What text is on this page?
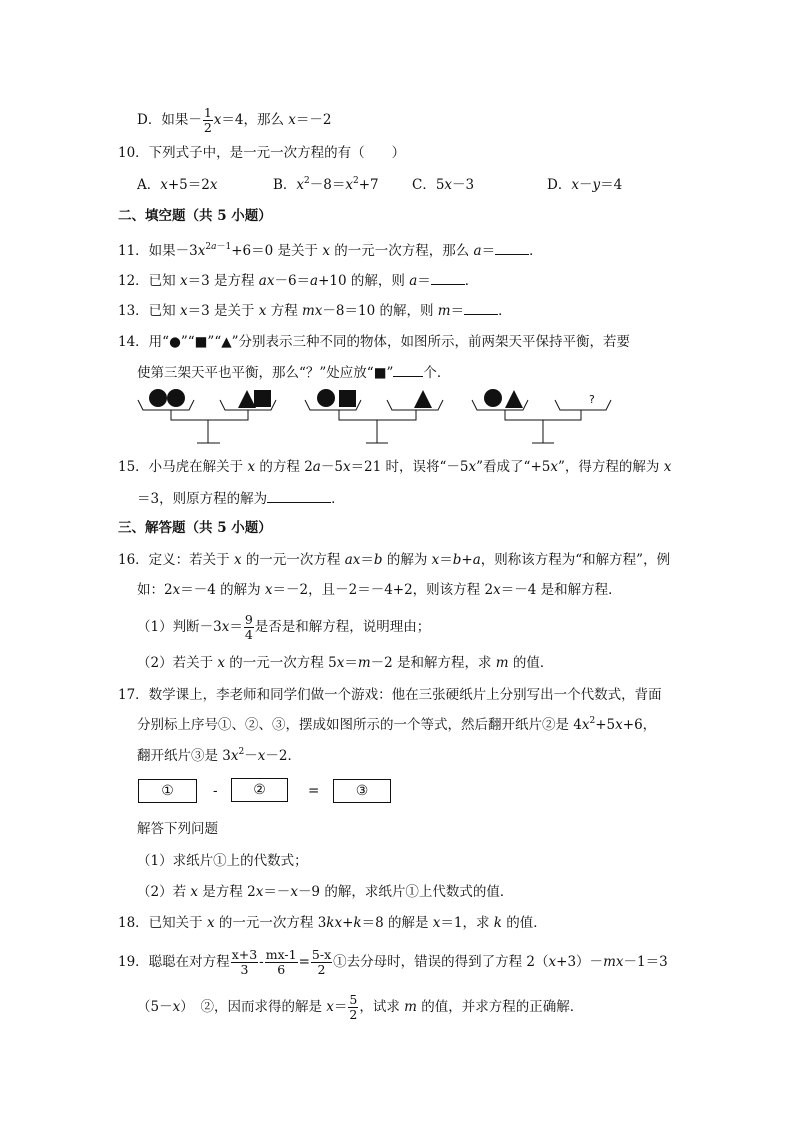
D．如果－ $\frac{1}{2} x=4$，那么 x＝－2
10．下列式子中，是一元一次方程的有（　　）
A．x+5＝2x	B．$x^2-8=x^2+7$ C．5x－3	D．x－y＝4
二、填空题（共 5 小题）
11．如果$-3x^{2a-1}+6=0$ 是关于 x 的一元一次方程，那么 a＝	．
12．已知 x＝3 是方程 ax－6＝a+10 的解，则 a＝	．
13．已知 x＝3 是关于 x 方程 mx－8＝10 的解，则 m＝	．
14．用“●”“■”“▲”分别表示三种不同的物体，如图所示，前两架天平保持平衡，若要
使第三架天平也平衡，那么“？”处应放“■” 个．
?
15．小马虎在解关于 x 的方程 2a－5x＝21 时，误将“－5x”看成了“+5x”，得方程的解为 x
＝3，则原方程的解为	．
三、解答题（共 5 小题）
16．定义：若关于 x 的一元一次方程 ax＝b 的解为 x＝b+a，则称该方程为“和解方程”，例
如：2x＝－4 的解为 x＝－2，且－2＝－4+2，则该方程 2x＝－4 是和解方程．
（1）判断$-3x= \frac{9}{4}$ 是否是和解方程，说明理由；
（2）若关于 x 的一元一次方程 5x＝m－2 是和解方程，求 m 的值．
17．数学课上，李老师和同学们做一个游戏：他在三张硬纸片上分别写出一个代数式，背面
分别标上序号①、②、③，摆成如图所示的一个等式，然后翻开纸片②是 $4x^2+5x+6$，
翻开纸片③是 $3x^2-x-2$．
①	-	②	=	③
解答下列问题
（1）求纸片①上的代数式；
（2）若 x 是方程 2x＝－x－9 的解，求纸片①上代数式的值．
18．已知关于 x 的一元一次方程 3kx+k＝8 的解是 x＝1，求 k 的值．
19．聪聪在对方程 $\frac{x+3}{3} - \frac{mx-1}{6} = \frac{5-x}{2}$ ①去分母时，错误的得到了方程 2（x+3）－mx－1＝3
（5－x）　②，因而求得的解是 $x= \frac{5}{2}$ ，试求 m 的值，并求方程的正确解．
